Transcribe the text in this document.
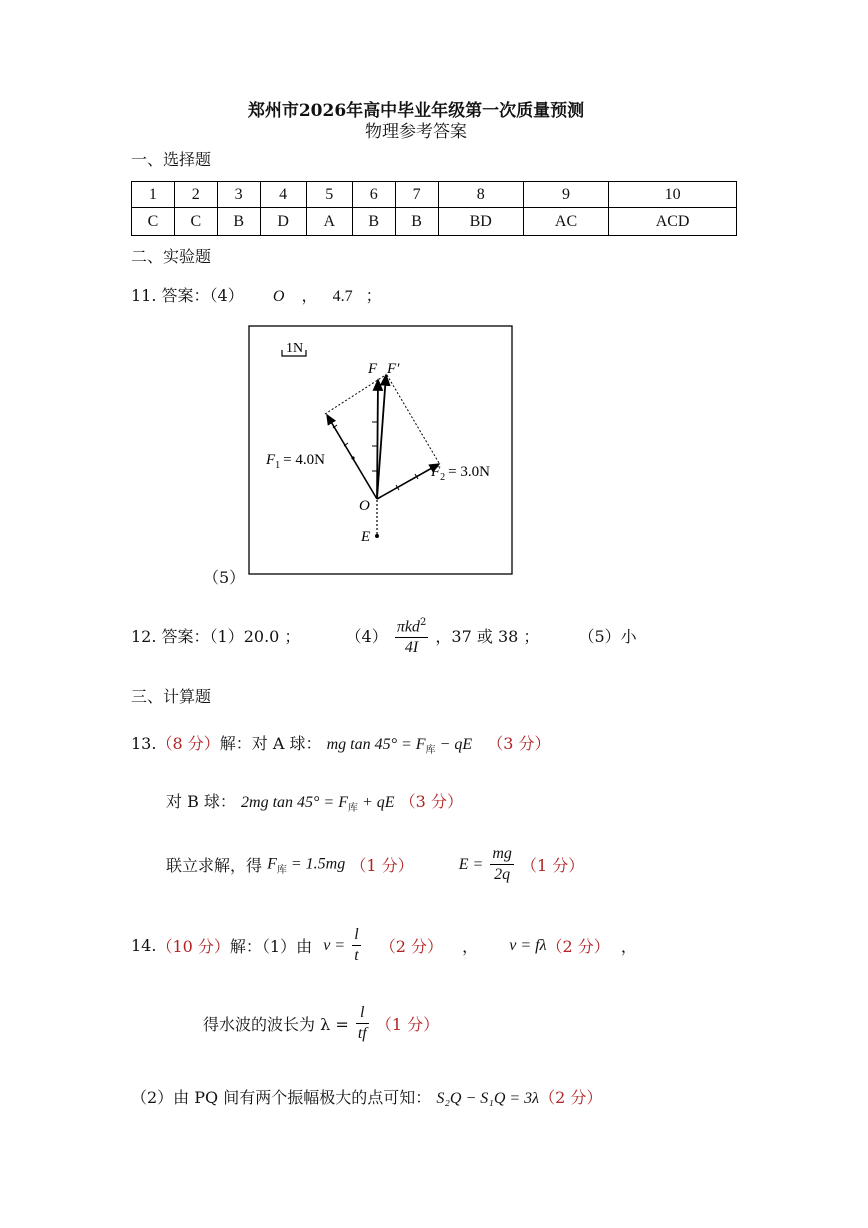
郑州市2026年高中毕业年级第一次质量预测
物理参考答案
一、选择题
1	2	3	4	5	6	7	8	9	10
C	C	B	D	A	B	B	BD	AC	ACD
二、实验题
11. 答案：（4） O ， 4.7 ；
1N
F F′
$F_1 = 4.0N$
$F_2 = 3.0N$
O
E
（5）
12. 答案：（1）20.0 ；	$(4) \frac{\pi kd^2}{4I}$ ，37 或 38 ； （5）小
三、计算题
13.（8 分）解：对 A 球： mg $\tan 45^\circ = F_库$ − qE （3 分）
对 B 球： 2mg $\tan 45^\circ = F_库$ + qE （3 分）
联立求解，得 $F_库 = 1.5mg$ （1 分）	$E = \frac{mg}{2q} (1$ 分）
14.（10 分）解：（1）由 $v = \frac{l}{t} (2$ 分） ， v = fλ（2 分） ，
得水波的波长为 $\lambda = \frac{l}{tf} (1$ 分）
（2）由 PQ 间有两个振幅极大的点可知： S₂Q − S₁Q = 3λ（2 分）
